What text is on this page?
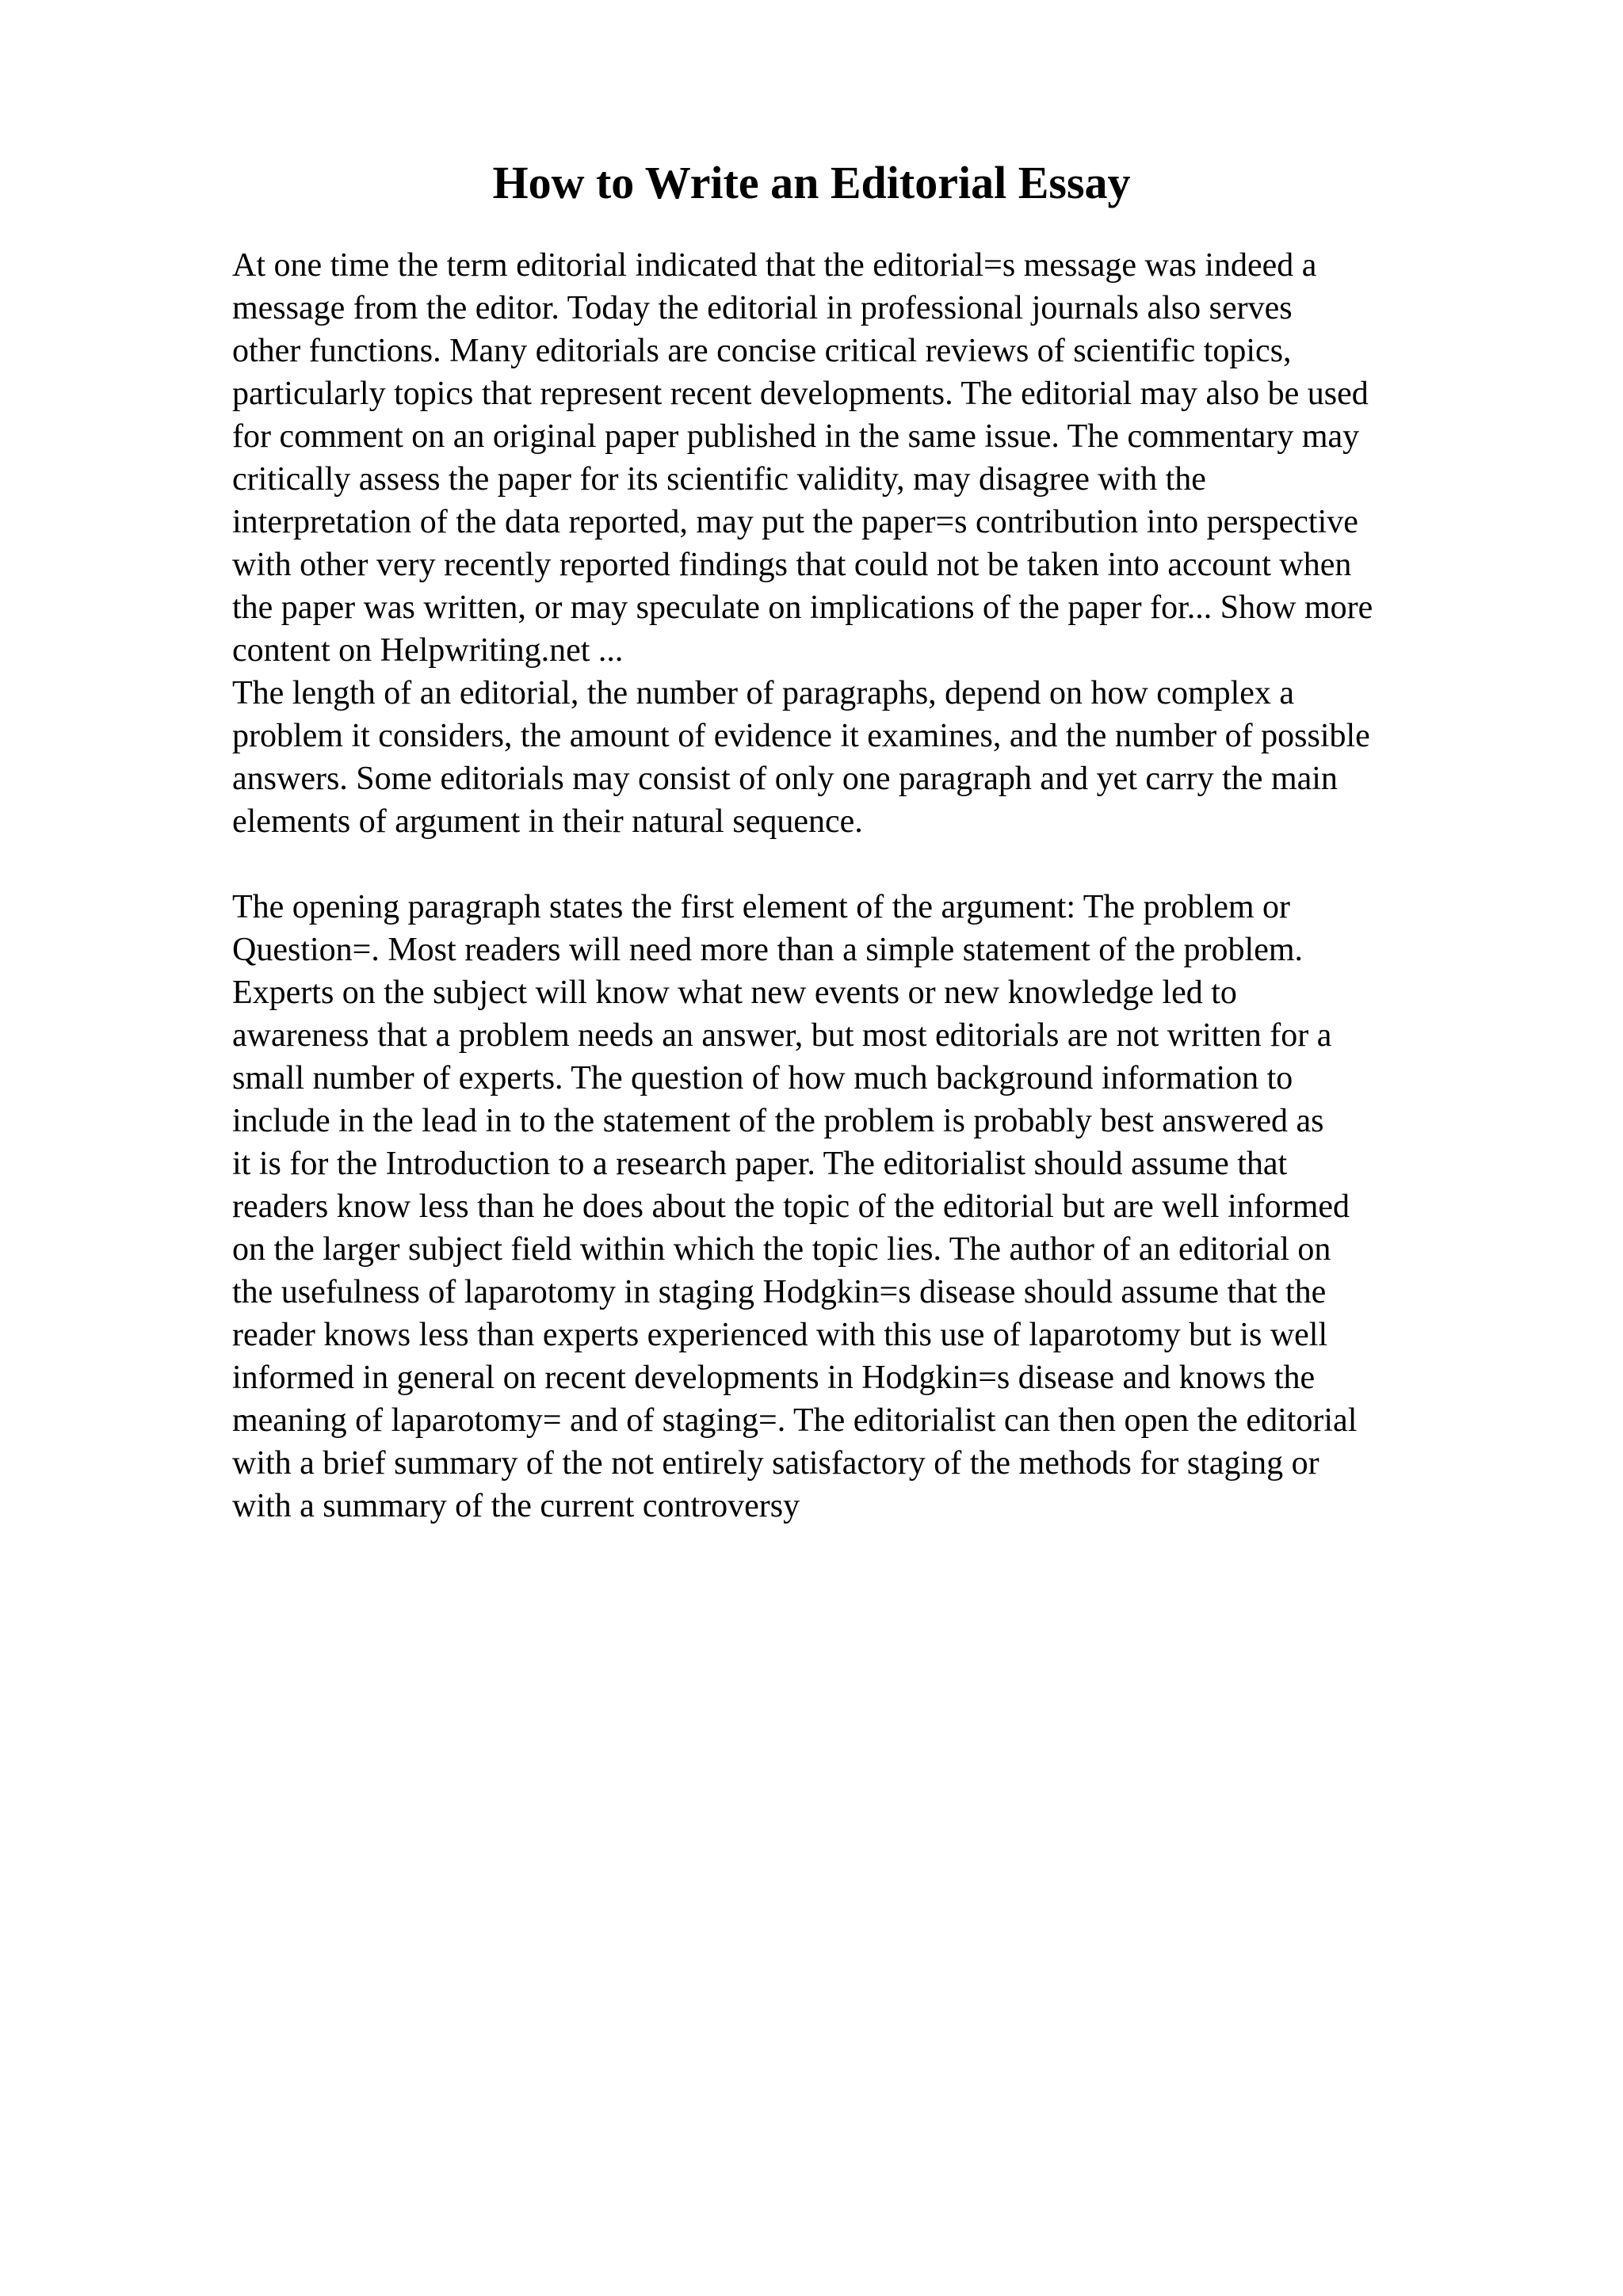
How to Write an Editorial Essay
At one time the term editorial indicated that the editorial=s message was indeed a
message from the editor. Today the editorial in professional journals also serves
other functions. Many editorials are concise critical reviews of scientific topics,
particularly topics that represent recent developments. The editorial may also be used
for comment on an original paper published in the same issue. The commentary may
critically assess the paper for its scientific validity, may disagree with the
interpretation of the data reported, may put the paper=s contribution into perspective
with other very recently reported findings that could not be taken into account when
the paper was written, or may speculate on implications of the paper for... Show more
content on Helpwriting.net ...
The length of an editorial, the number of paragraphs, depend on how complex a
problem it considers, the amount of evidence it examines, and the number of possible
answers. Some editorials may consist of only one paragraph and yet carry the main
elements of argument in their natural sequence.
The opening paragraph states the first element of the argument: The problem or
Question=. Most readers will need more than a simple statement of the problem.
Experts on the subject will know what new events or new knowledge led to
awareness that a problem needs an answer, but most editorials are not written for a
small number of experts. The question of how much background information to
include in the lead in to the statement of the problem is probably best answered as
it is for the Introduction to a research paper. The editorialist should assume that
readers know less than he does about the topic of the editorial but are well informed
on the larger subject field within which the topic lies. The author of an editorial on
the usefulness of laparotomy in staging Hodgkin=s disease should assume that the
reader knows less than experts experienced with this use of laparotomy but is well
informed in general on recent developments in Hodgkin=s disease and knows the
meaning of laparotomy= and of staging=. The editorialist can then open the editorial
with a brief summary of the not entirely satisfactory of the methods for staging or
with a summary of the current controversy
